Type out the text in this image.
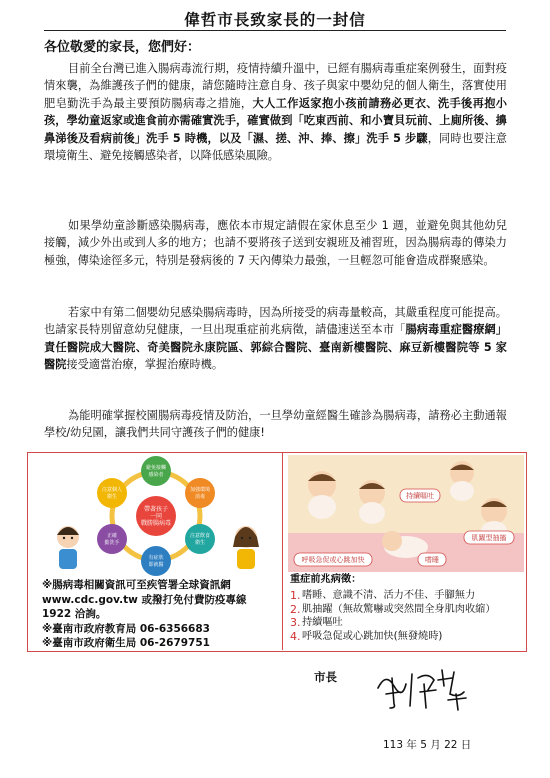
偉哲市長致家長的一封信
各位敬愛的家長，您們好：

目前全台灣已進入腸病毒流行期，疫情持續升溫中，已經有腸病毒重症案例發生，面對疫情來襲，為維護孩子們的健康，請您隨時注意自身、孩子與家中嬰幼兒的個人衛生，落實使用肥皂勤洗手為最主要預防腸病毒之措施，大人工作返家抱小孩前請務必更衣、洗手後再抱小孩，學幼童返家或進食前亦需確實洗手，確實做到「吃東西前、和小寶貝玩前、上廁所後、擤鼻涕後及看病前後」洗手 5 時機，以及「濕、搓、沖、捧、擦」洗手 5 步驟，同時也要注意環境衛生、避免接觸感染者，以降低感染風險。

如果學幼童診斷感染腸病毒，應依本市規定請假在家休息至少 1 週，並避免與其他幼兒接觸，減少外出或到人多的地方；也請不要將孩子送到安親班及補習班，因為腸病毒的傳染力極強，傳染途徑多元，特別是發病後的 7 天內傳染力最強，一旦輕忽可能會造成群聚感染。

若家中有第二個嬰幼兒感染腸病毒時，因為所接受的病毒量較高，其嚴重程度可能提高。也請家長特別留意幼兒健康，一旦出現重症前兆病徵，請儘速送至本市「腸病毒重症醫療網」責任醫院成大醫院、奇美醫院永康院區、郭綜合醫院、臺南新樓醫院、麻豆新樓醫院等 5 家醫院接受適當治療，掌握治療時機。

為能明確掌握校園腸病毒疫情及防治，一旦學幼童經醫生確診為腸病毒，請務必主動通報學校/幼兒園，讓我們共同守護孩子們的健康!

帶著孩子
一同
戰勝腸病毒
避免接觸
感染者
加強環境
消毒
注意飲食
衛生
有症狀
即就醫
正確
勤洗手
注意個人
衛生	持續嘔吐
肌躍型抽搐
嗜睡
呼吸急促或心跳加快
※腸病毒相關資訊可至疾管署全球資訊網 www.cdc.gov.tw 或撥打免付費防疫專線 1922 洽詢。
※臺南市政府教育局 06-6356683
※臺南市政府衛生局 06-2679751
重症前兆病徵：
1. 嗜睡、意識不清、活力不佳、手腳無力
2. 肌抽躍（無故驚嚇或突然間全身肌肉收縮）
3. 持續嘔吐
4. 呼吸急促或心跳加快(無發燒時)
市長
113 年 5 月 22 日
